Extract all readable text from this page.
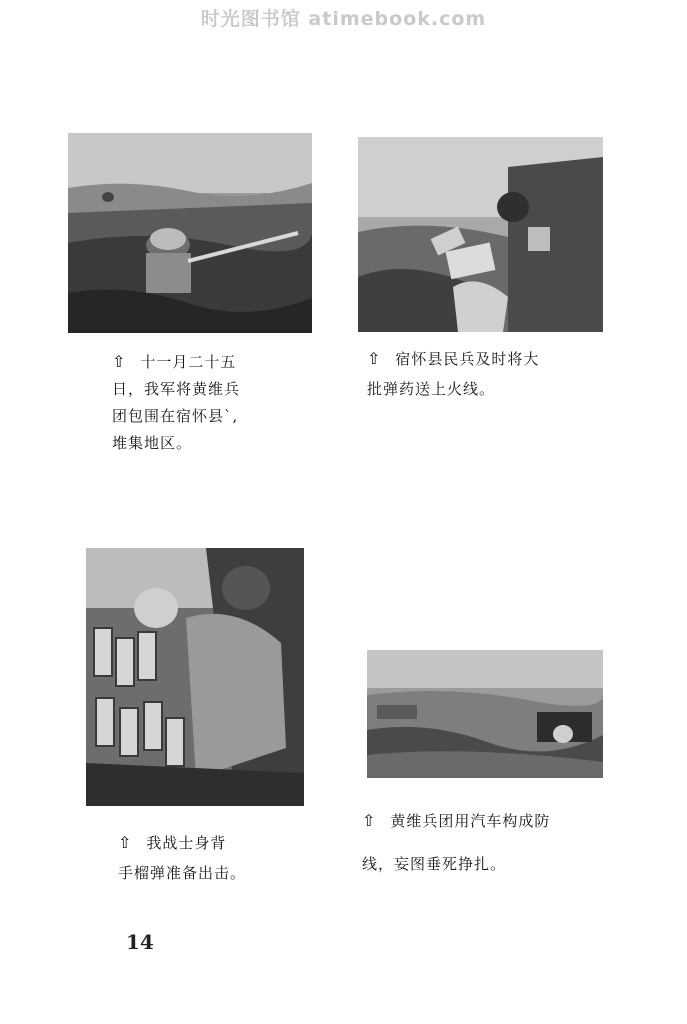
时光图书馆 atimebook.com
⇧ 十一月二十五
日，我军将黄维兵
团包围在宿怀县`,
堆集地区。
⇧ 宿怀县民兵及时将大
批弹药送上火线。
⇧ 我战士身背
手榴弹准备出击。
⇧ 黄维兵团用汽车构成防
线，妄图垂死挣扎。
14
